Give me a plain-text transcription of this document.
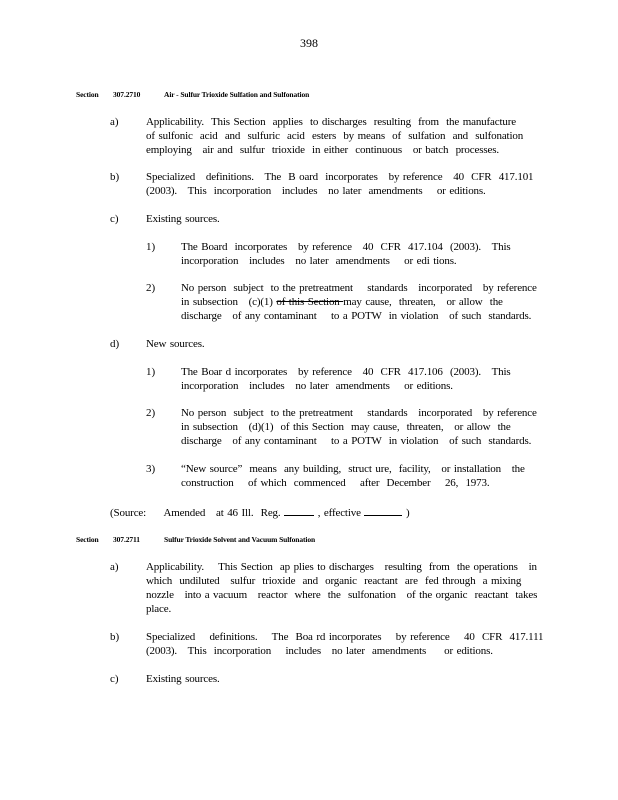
398
Section 307.2710	Air - Sulfur Trioxide Sulfation and Sulfonation
a) Applicability.  This Section  applies  to discharges  resulting  from  the manufacture
of sulfonic  acid  and  sulfuric  acid  esters  by means  of  sulfation  and  sulfonation
employing   air and  sulfur  trioxide  in either  continuous   or batch  processes.
b) Specialized   definitions.   The  B oard  incorporates   by reference   40  CFR  417.101
(2003).   This  incorporation   includes   no later  amendments    or editions.
c) Existing sources.
1) The Board  incorporates   by reference   40  CFR  417.104  (2003).   This
incorporation   includes   no later  amendments    or edi tions.
2) No person  subject  to the pretreatment    standards   incorporated   by reference
in subsection   (c)(1) of this Section may cause,  threaten,   or allow  the
discharge   of any contaminant    to a POTW  in violation   of such  standards.
d) New sources.
1) The Boar d incorporates   by reference   40  CFR  417.106  (2003).   This
incorporation   includes   no later  amendments    or editions.
2) No person  subject  to the pretreatment    standards   incorporated   by reference
in subsection   (d)(1)  of this Section  may cause,  threaten,   or allow  the
discharge   of any contaminant    to a POTW  in violation   of such  standards.
3) “New source”  means  any building,  struct ure,  facility,   or installation   the
construction    of which  commenced    after  December    26,  1973.
(Source:     Amended   at 46 Ill.  Reg.	, effective	)
Section 307.2711	Sulfur Trioxide Solvent and Vacuum Sulfonation
a) Applicability.    This Section  ap plies to discharges   resulting  from  the operations   in
which  undiluted   sulfur  trioxide  and  organic  reactant  are  fed through  a mixing
nozzle   into a vacuum   reactor  where  the  sulfonation   of the organic  reactant  takes
place.
b) Specialized    definitions.    The  Boa rd incorporates    by reference    40  CFR  417.111
(2003).   This  incorporation    includes   no later  amendments     or editions.
c) Existing sources.
